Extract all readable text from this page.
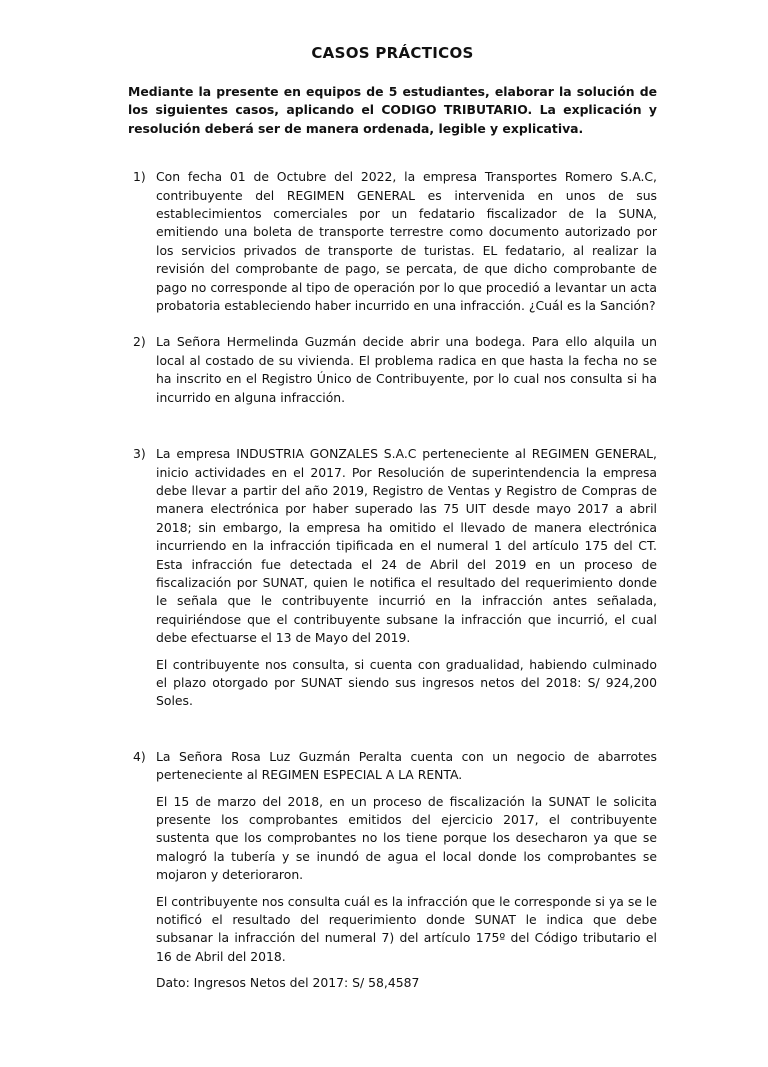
CASOS PRÁCTICOS

Mediante la presente en equipos de 5 estudiantes, elaborar la solución de los siguientes casos, aplicando el CODIGO TRIBUTARIO. La explicación y resolución deberá ser de manera ordenada, legible y explicativa.

1) Con fecha 01 de Octubre del 2022, la empresa Transportes Romero S.A.C, contribuyente del REGIMEN GENERAL es intervenida en unos de sus establecimientos comerciales por un fedatario fiscalizador de la SUNA, emitiendo una boleta de transporte terrestre como documento autorizado por los servicios privados de transporte de turistas. EL fedatario, al realizar la revisión del comprobante de pago, se percata, de que dicho comprobante de pago no corresponde al tipo de operación por lo que procedió a levantar un acta probatoria estableciendo haber incurrido en una infracción. ¿Cuál es la Sanción?

2) La Señora Hermelinda Guzmán decide abrir una bodega. Para ello alquila un local al costado de su vivienda. El problema radica en que hasta la fecha no se ha inscrito en el Registro Único de Contribuyente, por lo cual nos consulta si ha incurrido en alguna infracción.

3) La empresa INDUSTRIA GONZALES S.A.C perteneciente al REGIMEN GENERAL, inicio actividades en el 2017. Por Resolución de superintendencia la empresa debe llevar a partir del año 2019, Registro de Ventas y Registro de Compras de manera electrónica por haber superado las 75 UIT desde mayo 2017 a abril 2018; sin embargo, la empresa ha omitido el llevado de manera electrónica incurriendo en la infracción tipificada en el numeral 1 del artículo 175 del CT. Esta infracción fue detectada el 24 de Abril del 2019 en un proceso de fiscalización por SUNAT, quien le notifica el resultado del requerimiento donde le señala que le contribuyente incurrió en la infracción antes señalada, requiriéndose que el contribuyente subsane la infracción que incurrió, el cual debe efectuarse el 13 de Mayo del 2019.

El contribuyente nos consulta, si cuenta con gradualidad, habiendo culminado el plazo otorgado por SUNAT siendo sus ingresos netos del 2018: S/ 924,200 Soles.

4) La Señora Rosa Luz Guzmán Peralta cuenta con un negocio de abarrotes perteneciente al REGIMEN ESPECIAL A LA RENTA.

El 15 de marzo del 2018, en un proceso de fiscalización la SUNAT le solicita presente los comprobantes emitidos del ejercicio 2017, el contribuyente sustenta que los comprobantes no los tiene porque los desecharon ya que se malogró la tubería y se inundó de agua el local donde los comprobantes se mojaron y deterioraron.

El contribuyente nos consulta cuál es la infracción que le corresponde si ya se le notificó el resultado del requerimiento donde SUNAT le indica que debe subsanar la infracción del numeral 7) del artículo 175º del Código tributario el 16 de Abril del 2018.

Dato: Ingresos Netos del 2017: S/ 58,4587
